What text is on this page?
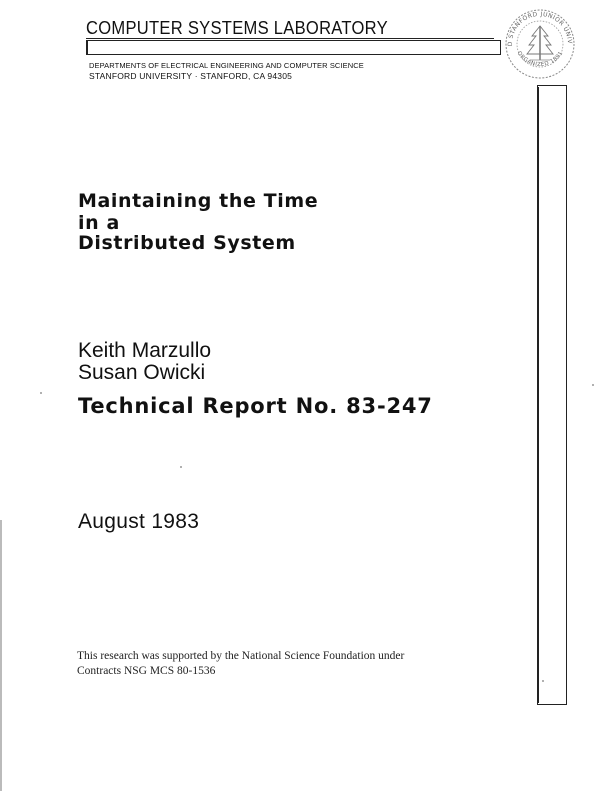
COMPUTER SYSTEMS LABORATORY
DEPARTMENTS OF ELECTRICAL ENGINEERING AND COMPUTER SCIENCE
STANFORD UNIVERSITY · STANFORD, CA 94305
D STANFORD JUNIOR UNIV
ORGANIZED 1891
Maintaining the Time
in a
Distributed System
Keith Marzullo
Susan Owicki
Technical Report No. 83-247
August 1983
This research was supported by the National Science Foundation under
Contracts NSG MCS 80-1536
